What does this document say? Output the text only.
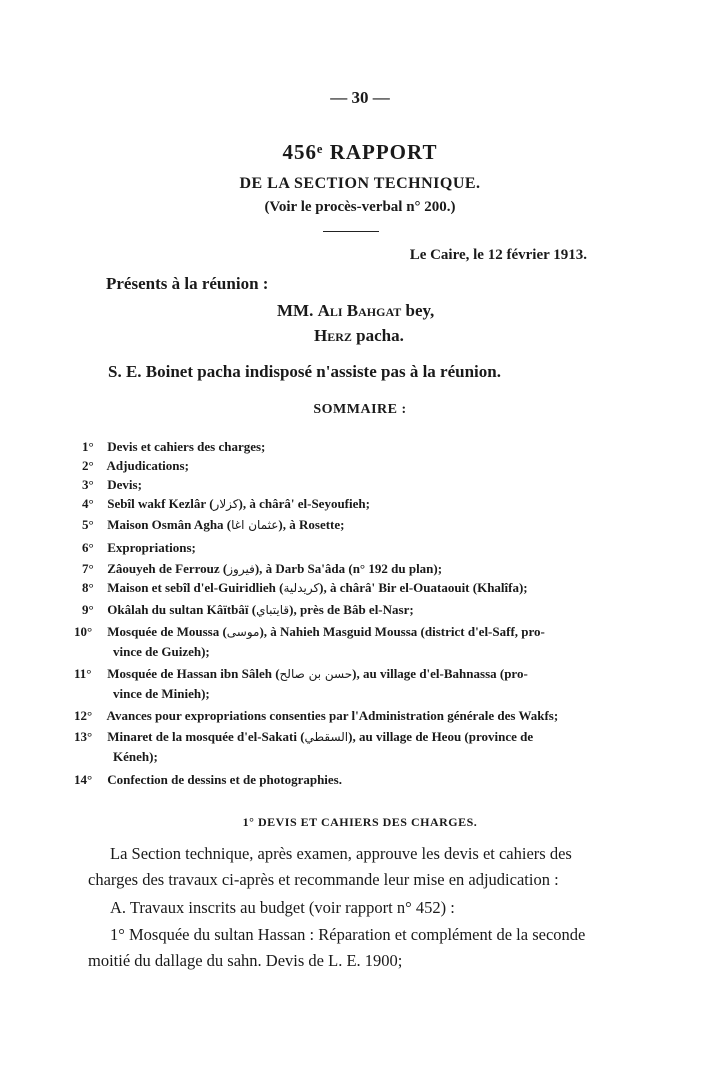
— 30 —
456ᵉ RAPPORT
DE LA SECTION TECHNIQUE.
(Voir le procès-verbal n° 200.)
Le Caire, le 12 février 1913.
Présents à la réunion :
MM. Ali Bahgat bey,
Herz pacha.
S. E. Boinet pacha indisposé n'assiste pas à la réunion.
SOMMAIRE :
1° Devis et cahiers des charges;
2° Adjudications;
3° Devis;
4° Sebîl wakf Kezlâr (كزلار), à chârâ' el-Seyoufieh;
5° Maison Osmân Agha (عثمان اغا), à Rosette;
6° Expropriations;
7° Zâouyeh de Ferrouz (فيروز), à Darb Sa'âda (n° 192 du plan);
8° Maison et sebîl d'el-Guiridlieh (كريدلية), à chârâ' Bir el-Ouataouit (Khalîfa);
9° Okâlah du sultan Kâïtbâï (قايتباي), près de Bâb el-Nasr;
10° Mosquée de Moussa (موسى), à Nahieh Masguid Moussa (district d'el-Saff, pro-
vince de Guizeh);
11° Mosquée de Hassan ibn Sâleh (حسن بن صالح), au village d'el-Bahnassa (pro-
vince de Minieh);
12° Avances pour expropriations consenties par l'Administration générale des Wakfs;
13° Minaret de la mosquée d'el-Sakati (السقطي), au village de Heou (province de
Kéneh);
14° Confection de dessins et de photographies.
1° DEVIS ET CAHIERS DES CHARGES.
La Section technique, après examen, approuve les devis et cahiers des
charges des travaux ci-après et recommande leur mise en adjudication :
A. Travaux inscrits au budget (voir rapport n° 452) :
1° Mosquée du sultan Hassan : Réparation et complément de la seconde
moitié du dallage du sahn. Devis de L. E. 1900;
